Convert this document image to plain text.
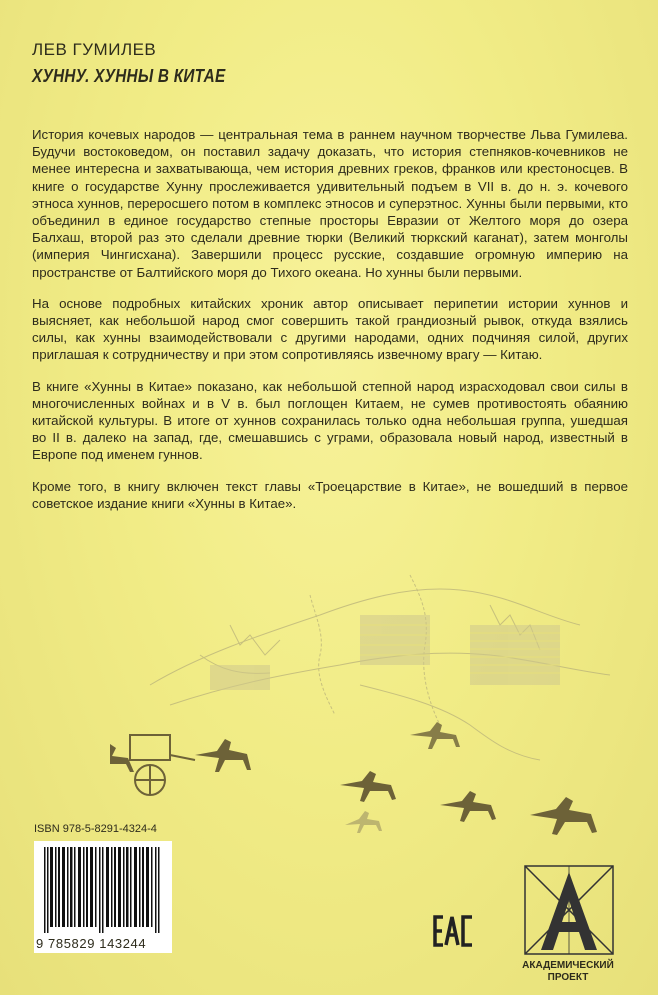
ЛЕВ ГУМИЛЕВ
ХУННУ. ХУННЫ В КИТАЕ

История кочевых народов — центральная тема в раннем научном творчестве Льва Гумилева. Будучи востоковедом, он поставил задачу доказать, что история степняков-кочевников не менее интересна и захватывающа, чем история древних греков, франков или крестоносцев. В книге о государстве Хунну прослеживается удивительный подъем в VII в. до н. э. кочевого этноса хуннов, переросшего потом в комплекс этносов и суперэтнос. Хунны были первыми, кто объединил в единое государство степные просторы Евразии от Желтого моря до озера Балхаш, второй раз это сделали древние тюрки (Великий тюркский каганат), затем монголы (империя Чингисхана). Завершили процесс русские, создавшие огромную империю на пространстве от Балтийского моря до Тихого океана. Но хунны были первыми.

На основе подробных китайских хроник автор описывает перипетии истории хуннов и выясняет, как небольшой народ смог совершить такой грандиозный рывок, откуда взялись силы, как хунны взаимодействовали с другими народами, одних подчиняя силой, других приглашая к сотрудничеству и при этом сопротивляясь извечному врагу — Китаю.

В книге «Хунны в Китае» показано, как небольшой степной народ израсходовал свои силы в многочисленных войнах и в V в. был поглощен Китаем, не сумев противостоять обаянию китайской культуры. В итоге от хуннов сохранилась только одна небольшая группа, ушедшая во II в. далеко на запад, где, смешавшись с уграми, образовала новый народ, известный в Европе под именем гуннов.

Кроме того, в книгу включен текст главы «Троецарствие в Китае», не вошедший в первое советское издание книги «Хунны в Китае».

ISBN 978-5-8291-4324-4
9 785829 143244
АКАДЕМИЧЕСКИЙ
ПРОЕКТ
